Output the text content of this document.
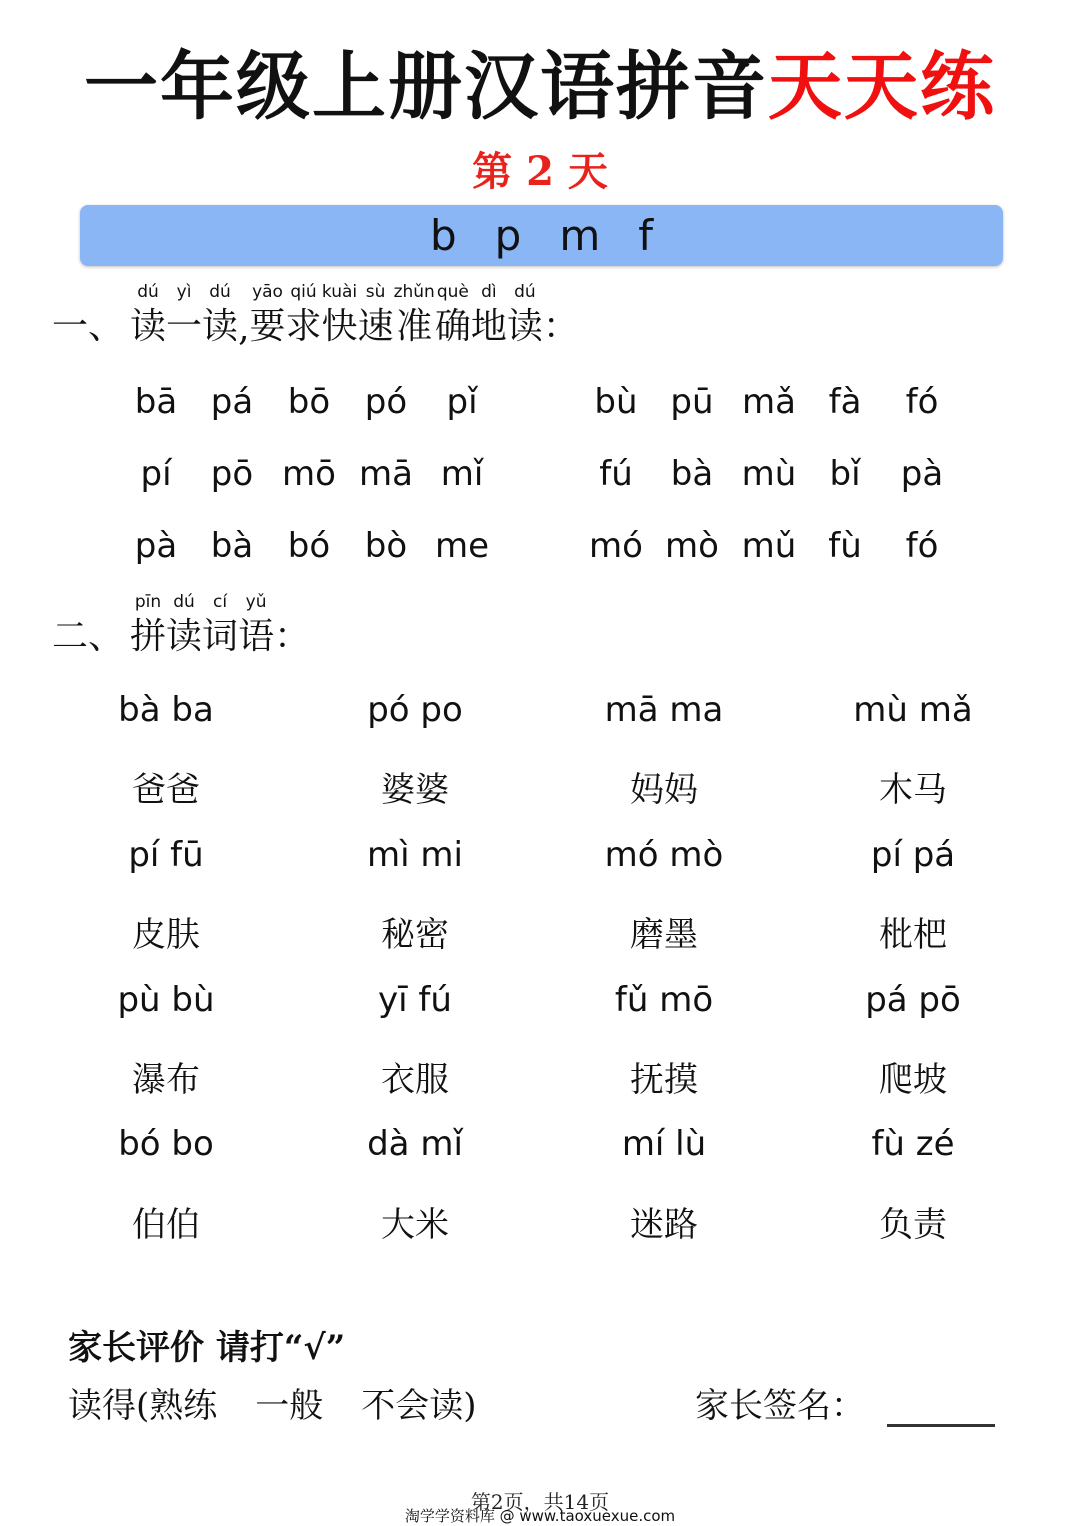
一年级上册汉语拼音天天练
第 2 天
b p m f
一、 读dú
一yì
读dú
, 要yāo
求qiú
快kuài
速sù
准zhǔn
确què
地dì
读dú
：
bā pá bō pó pǐ	bù pū mǎ fà fó
pí pō mō mā mǐ	fú bà mù bǐ pà
pà bà bó bò me	mó mò mǔ fù fó
二、 拼pīn
读dú
词cí
语yǔ
：
bà ba	pó po	mā ma	mù mǎ
爸爸	婆婆	妈妈	木马
pí fū	mì mi	mó mò	pí pá
皮肤	秘密	磨墨	枇杷
pù bù	yī fú	fǔ mō	pá pō
瀑布	衣服	抚摸	爬坡
bó bo	dà mǐ	mí lù	fù zé
伯伯	大米	迷路	负责
家长评价 请打“√”
读得(熟练 一般 不会读)	家长签名：
第2页，共14页
淘学学资料库 @ www.taoxuexue.com
